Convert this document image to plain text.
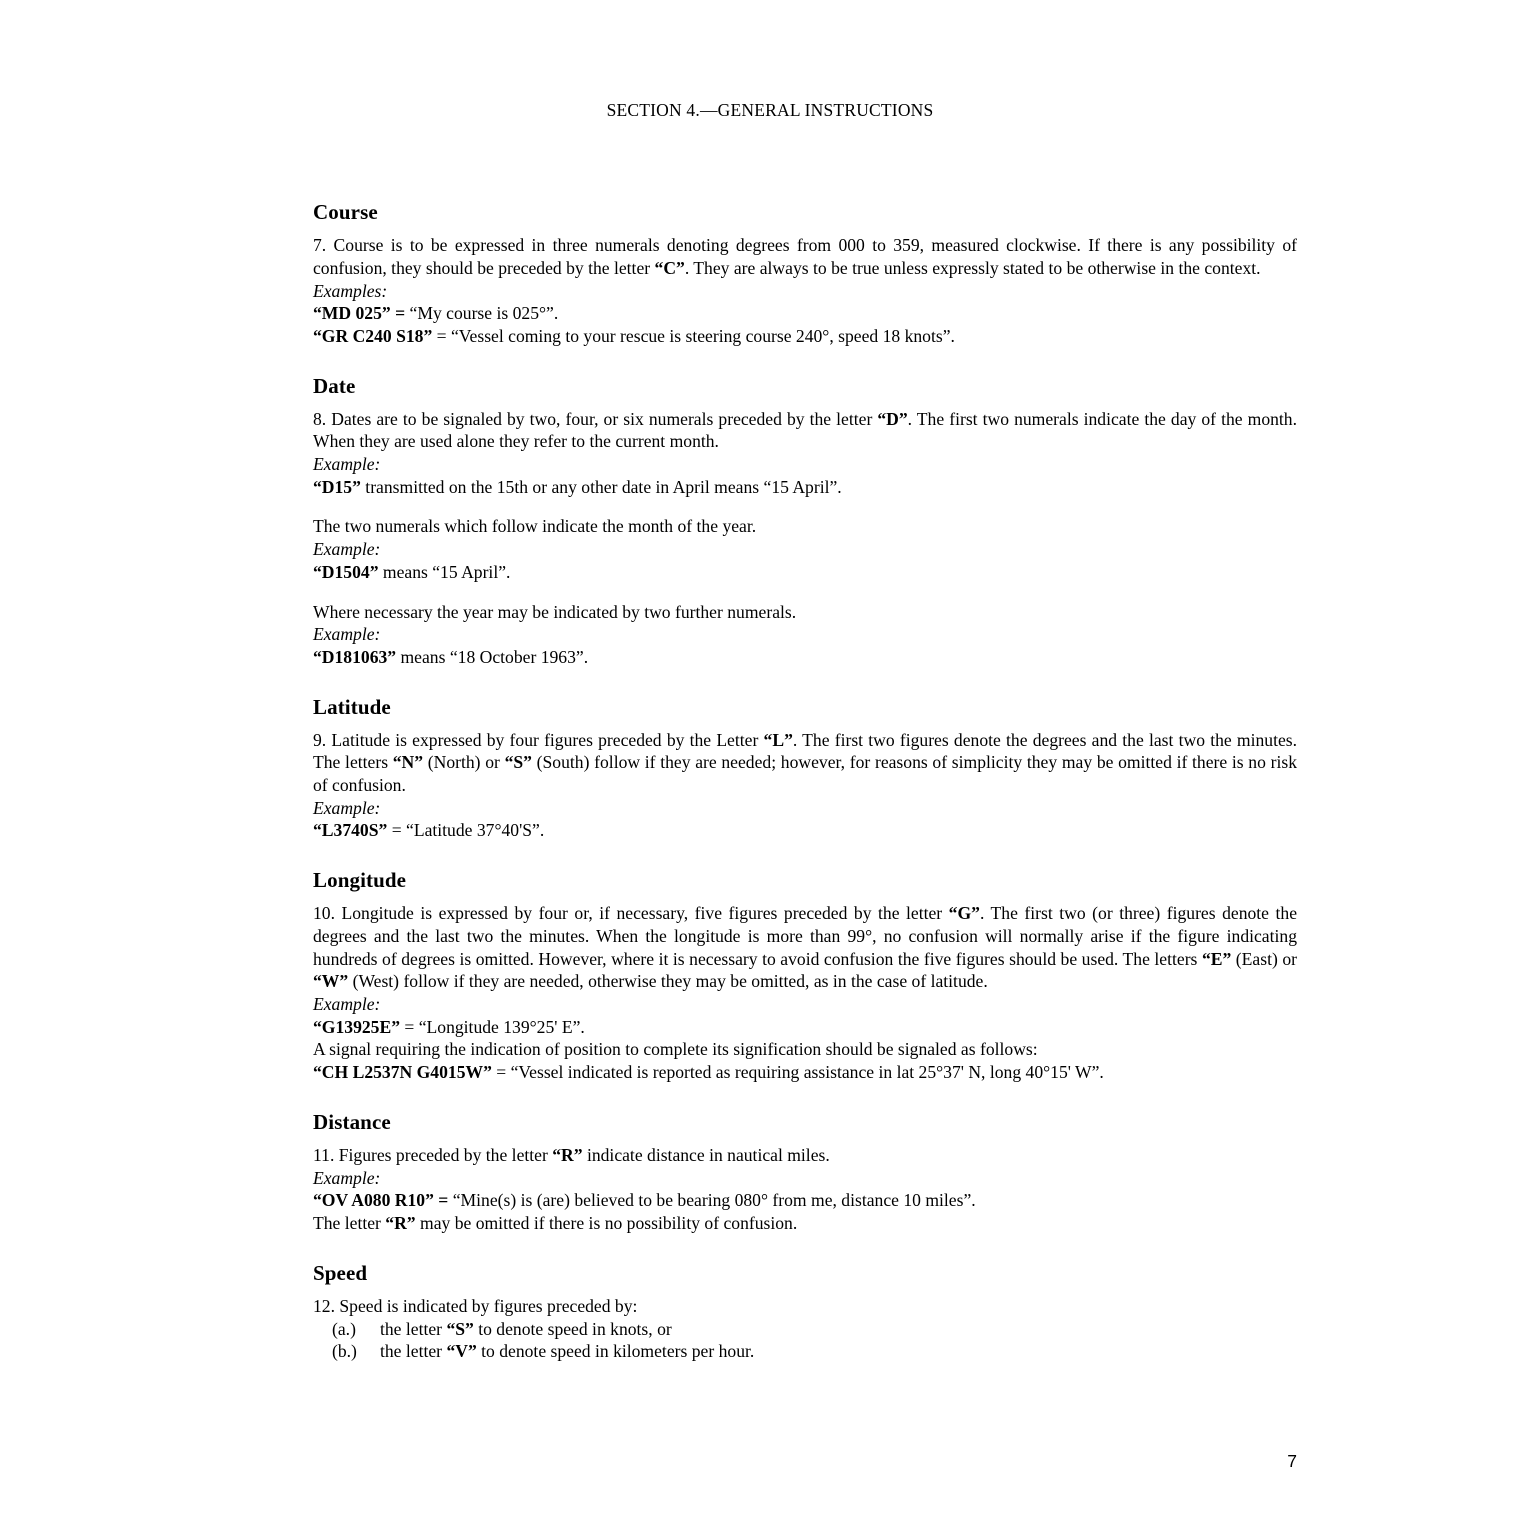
SECTION 4.—GENERAL INSTRUCTIONS
Course

7. Course is to be expressed in three numerals denoting degrees from 000 to 359, measured clockwise. If there is any possibility of confusion, they should be preceded by the letter “C”. They are always to be true unless expressly stated to be otherwise in the context.

Examples:

“MD 025” = “My course is 025°”.

“GR C240 S18” = “Vessel coming to your rescue is steering course 240°, speed 18 knots”.

Date

8. Dates are to be signaled by two, four, or six numerals preceded by the letter “D”. The first two numerals indicate the day of the month. When they are used alone they refer to the current month.

Example:

“D15” transmitted on the 15th or any other date in April means “15 April”.

The two numerals which follow indicate the month of the year.

Example:

“D1504” means “15 April”.

Where necessary the year may be indicated by two further numerals.

Example:

“D181063” means “18 October 1963”.

Latitude

9. Latitude is expressed by four figures preceded by the Letter “L”. The first two figures denote the degrees and the last two the minutes. The letters “N” (North) or “S” (South) follow if they are needed; however, for reasons of simplicity they may be omitted if there is no risk of confusion.

Example:

“L3740S” = “Latitude 37°40'S”.

Longitude

10. Longitude is expressed by four or, if necessary, five figures preceded by the letter “G”. The first two (or three) figures denote the degrees and the last two the minutes. When the longitude is more than 99°, no confusion will normally arise if the figure indicating hundreds of degrees is omitted. However, where it is necessary to avoid confusion the five figures should be used. The letters “E” (East) or “W” (West) follow if they are needed, otherwise they may be omitted, as in the case of latitude.

Example:

“G13925E” = “Longitude 139°25' E”.

A signal requiring the indication of position to complete its signification should be signaled as follows:

“CH L2537N G4015W” = “Vessel indicated is reported as requiring assistance in lat 25°37' N, long 40°15' W”.

Distance

11. Figures preceded by the letter “R” indicate distance in nautical miles.

Example:

“OV A080 R10” = “Mine(s) is (are) believed to be bearing 080° from me, distance 10 miles”.

The letter “R” may be omitted if there is no possibility of confusion.

Speed

12. Speed is indicated by figures preceded by:

(a.)	the letter “S” to denote speed in knots, or
(b.)	the letter “V” to denote speed in kilometers per hour.
7
